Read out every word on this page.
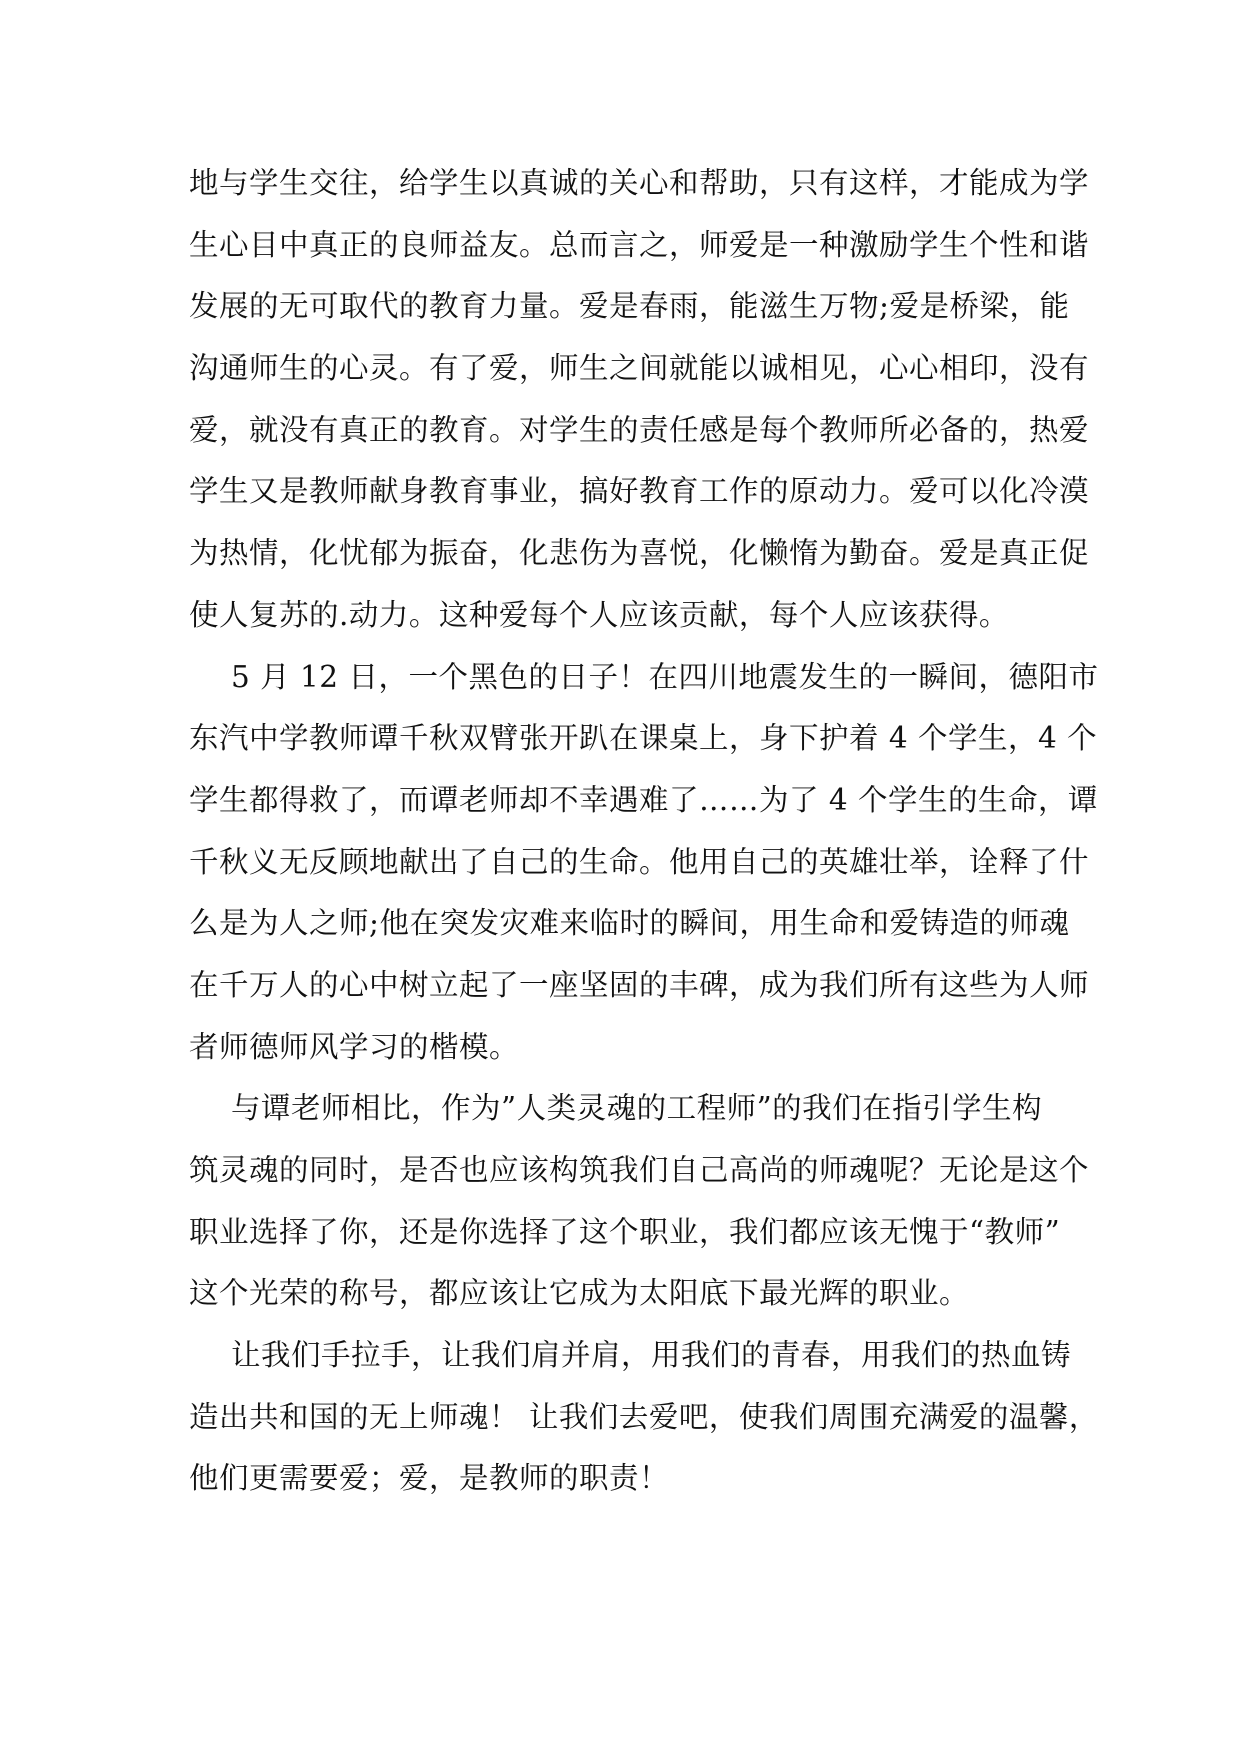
地与学生交往，给学生以真诚的关心和帮助，只有这样，才能成为学
生心目中真正的良师益友。总而言之，师爱是一种激励学生个性和谐
发展的无可取代的教育力量。爱是春雨，能滋生万物;爱是桥梁，能
沟通师生的心灵。有了爱，师生之间就能以诚相见，心心相印，没有
爱，就没有真正的教育。对学生的责任感是每个教师所必备的，热爱
学生又是教师献身教育事业，搞好教育工作的原动力。爱可以化冷漠
为热情，化忧郁为振奋，化悲伤为喜悦，化懒惰为勤奋。爱是真正促
使人复苏的.动力。这种爱每个人应该贡献，每个人应该获得。
5 月 12 日，一个黑色的日子！在四川地震发生的一瞬间，德阳市
东汽中学教师谭千秋双臂张开趴在课桌上，身下护着 4 个学生，4 个
学生都得救了，而谭老师却不幸遇难了……为了 4 个学生的生命，谭
千秋义无反顾地献出了自己的生命。他用自己的英雄壮举，诠释了什
么是为人之师;他在突发灾难来临时的瞬间，用生命和爱铸造的师魂
在千万人的心中树立起了一座坚固的丰碑，成为我们所有这些为人师
者师德师风学习的楷模。
与谭老师相比，作为”人类灵魂的工程师”的我们在指引学生构
筑灵魂的同时，是否也应该构筑我们自己高尚的师魂呢？无论是这个
职业选择了你，还是你选择了这个职业，我们都应该无愧于“教师”
这个光荣的称号，都应该让它成为太阳底下最光辉的职业。
让我们手拉手，让我们肩并肩，用我们的青春，用我们的热血铸
造出共和国的无上师魂！ 让我们去爱吧，使我们周围充满爱的温馨，
他们更需要爱；爱，是教师的职责！
